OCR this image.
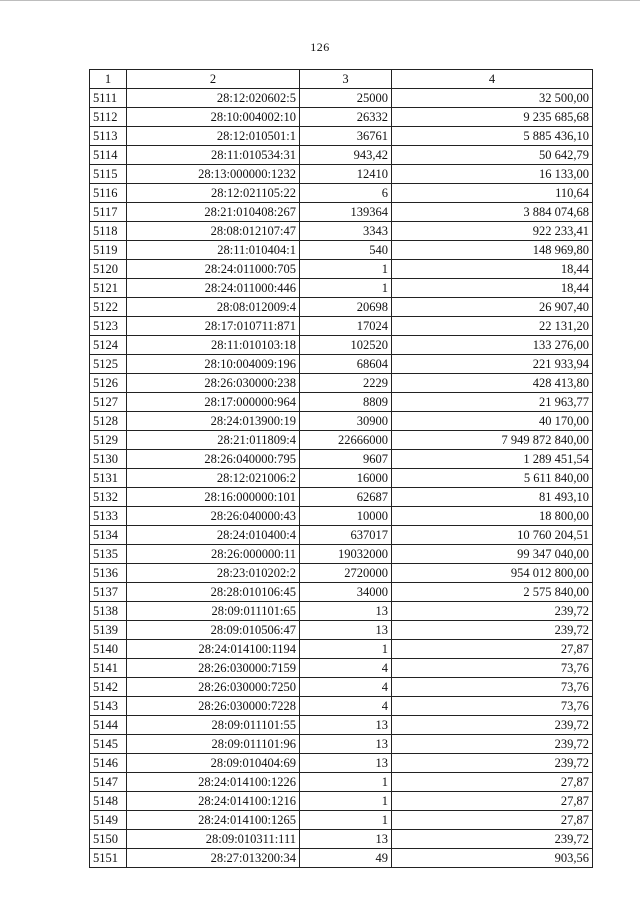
126
1	2	3	4
5111	28:12:020602:5	25000	32 500,00
5112	28:10:004002:10	26332	9 235 685,68
5113	28:12:010501:1	36761	5 885 436,10
5114	28:11:010534:31	943,42	50 642,79
5115	28:13:000000:1232	12410	16 133,00
5116	28:12:021105:22	6	110,64
5117	28:21:010408:267	139364	3 884 074,68
5118	28:08:012107:47	3343	922 233,41
5119	28:11:010404:1	540	148 969,80
5120	28:24:011000:705	1	18,44
5121	28:24:011000:446	1	18,44
5122	28:08:012009:4	20698	26 907,40
5123	28:17:010711:871	17024	22 131,20
5124	28:11:010103:18	102520	133 276,00
5125	28:10:004009:196	68604	221 933,94
5126	28:26:030000:238	2229	428 413,80
5127	28:17:000000:964	8809	21 963,77
5128	28:24:013900:19	30900	40 170,00
5129	28:21:011809:4	22666000	7 949 872 840,00
5130	28:26:040000:795	9607	1 289 451,54
5131	28:12:021006:2	16000	5 611 840,00
5132	28:16:000000:101	62687	81 493,10
5133	28:26:040000:43	10000	18 800,00
5134	28:24:010400:4	637017	10 760 204,51
5135	28:26:000000:11	19032000	99 347 040,00
5136	28:23:010202:2	2720000	954 012 800,00
5137	28:28:010106:45	34000	2 575 840,00
5138	28:09:011101:65	13	239,72
5139	28:09:010506:47	13	239,72
5140	28:24:014100:1194	1	27,87
5141	28:26:030000:7159	4	73,76
5142	28:26:030000:7250	4	73,76
5143	28:26:030000:7228	4	73,76
5144	28:09:011101:55	13	239,72
5145	28:09:011101:96	13	239,72
5146	28:09:010404:69	13	239,72
5147	28:24:014100:1226	1	27,87
5148	28:24:014100:1216	1	27,87
5149	28:24:014100:1265	1	27,87
5150	28:09:010311:111	13	239,72
5151	28:27:013200:34	49	903,56
